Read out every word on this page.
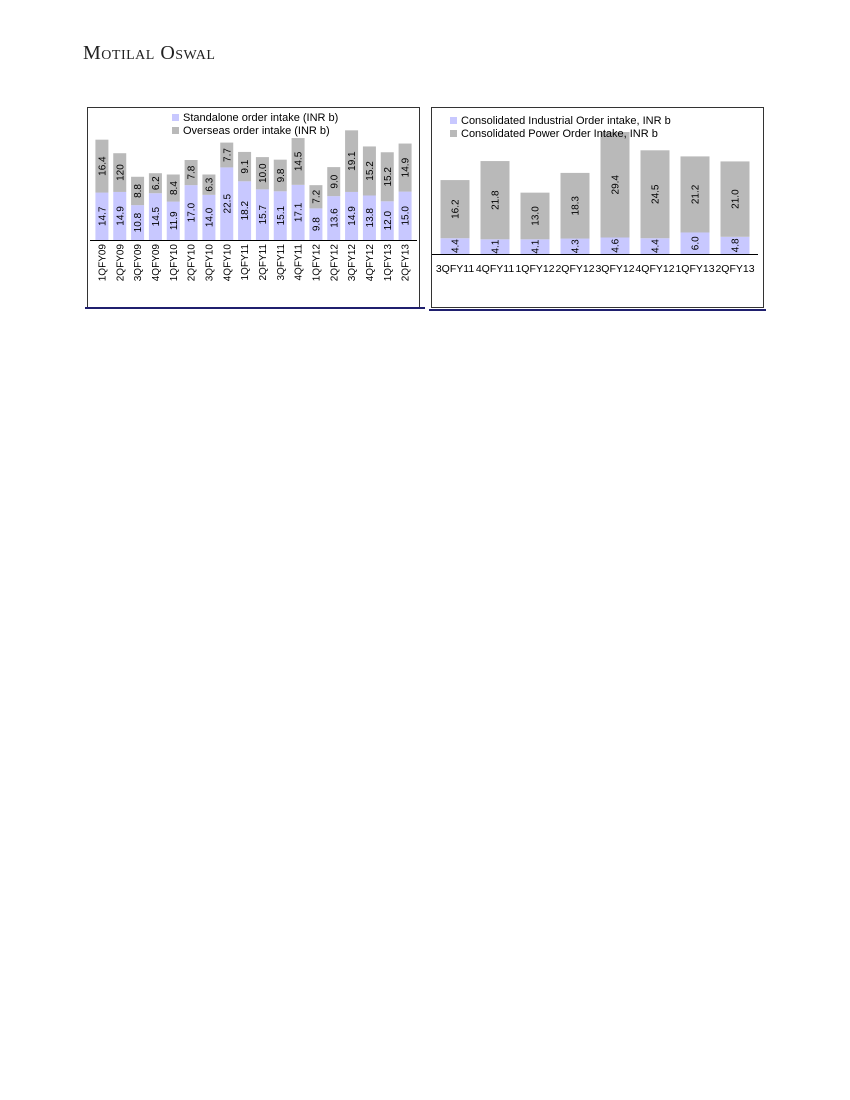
Motilal Oswal
14.7
16.4
1QFY09
14.9
120
2QFY09
10.8
8.8
3QFY09
14.5
6.2
4QFY09
11.9
8.4
1QFY10
17.0
7.8
2QFY10
14.0
6.3
3QFY10
22.5
7.7
4QFY10
18.2
9.1
1QFY11
15.7
10.0
2QFY11
15.1
9.8
3QFY11
17.1
14.5
4QFY11
9.8
7.2
1QFY12
13.6
9.0
2QFY12
14.9
19.1
3QFY12
13.8
15.2
4QFY12
12.0
15.2
1QFY13
15.0
14.9
2QFY13
Standalone order intake (INR b)
Overseas order intake (INR b)
4.4
16.2
3QFY11
4.1
21.8
4QFY11
4.1
13.0
1QFY12
4.3
18.3
2QFY12
4.6
29.4
3QFY12
4.4
24.5
4QFY12
6.0
21.2
1QFY13
4.8
21.0
2QFY13
Consolidated Industrial Order intake, INR b
Consolidated Power Order Intake, INR b
